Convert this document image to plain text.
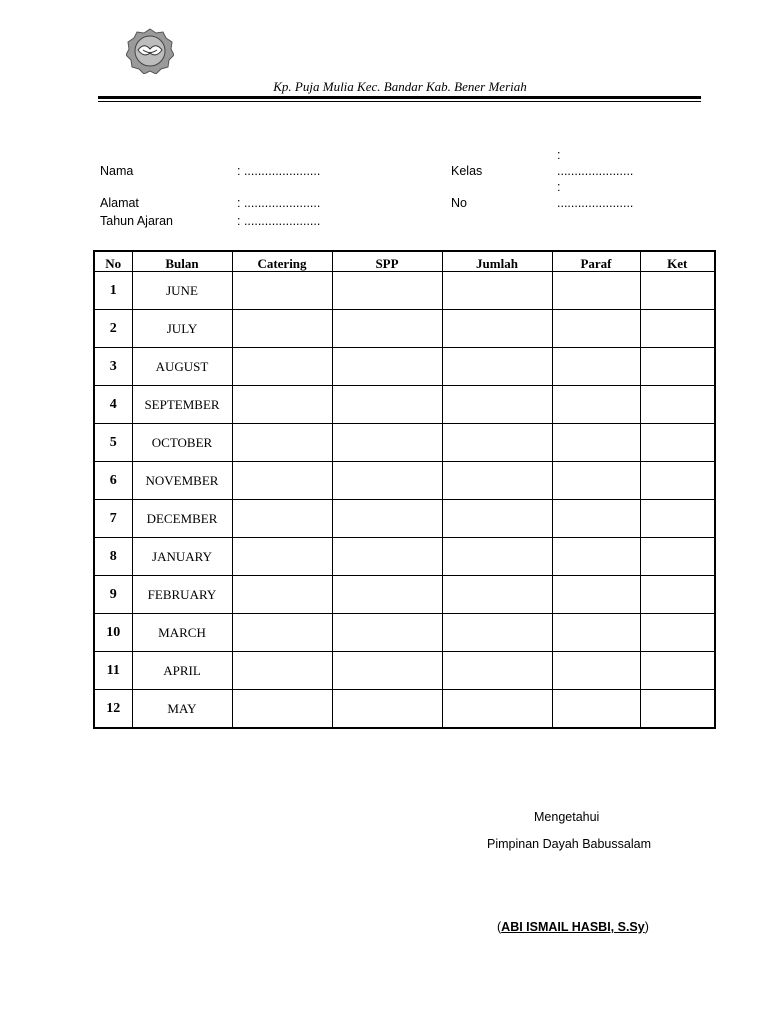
Kp. Puja Mulia Kec. Bandar Kab. Bener Meriah
Nama	: ......................
Alamat	: ......................
Tahun Ajaran	: ......................
Kelas
:
......................
No
:
......................
No	Bulan	Catering	SPP	Jumlah	Paraf	Ket
1	JUNE					
2	JULY					
3	AUGUST					
4	SEPTEMBER					
5	OCTOBER					
6	NOVEMBER					
7	DECEMBER					
8	JANUARY					
9	FEBRUARY					
10	MARCH					
11	APRIL					
12	MAY					
Mengetahui
Pimpinan Dayah Babussalam
(ABI ISMAIL HASBI, S.Sy)
